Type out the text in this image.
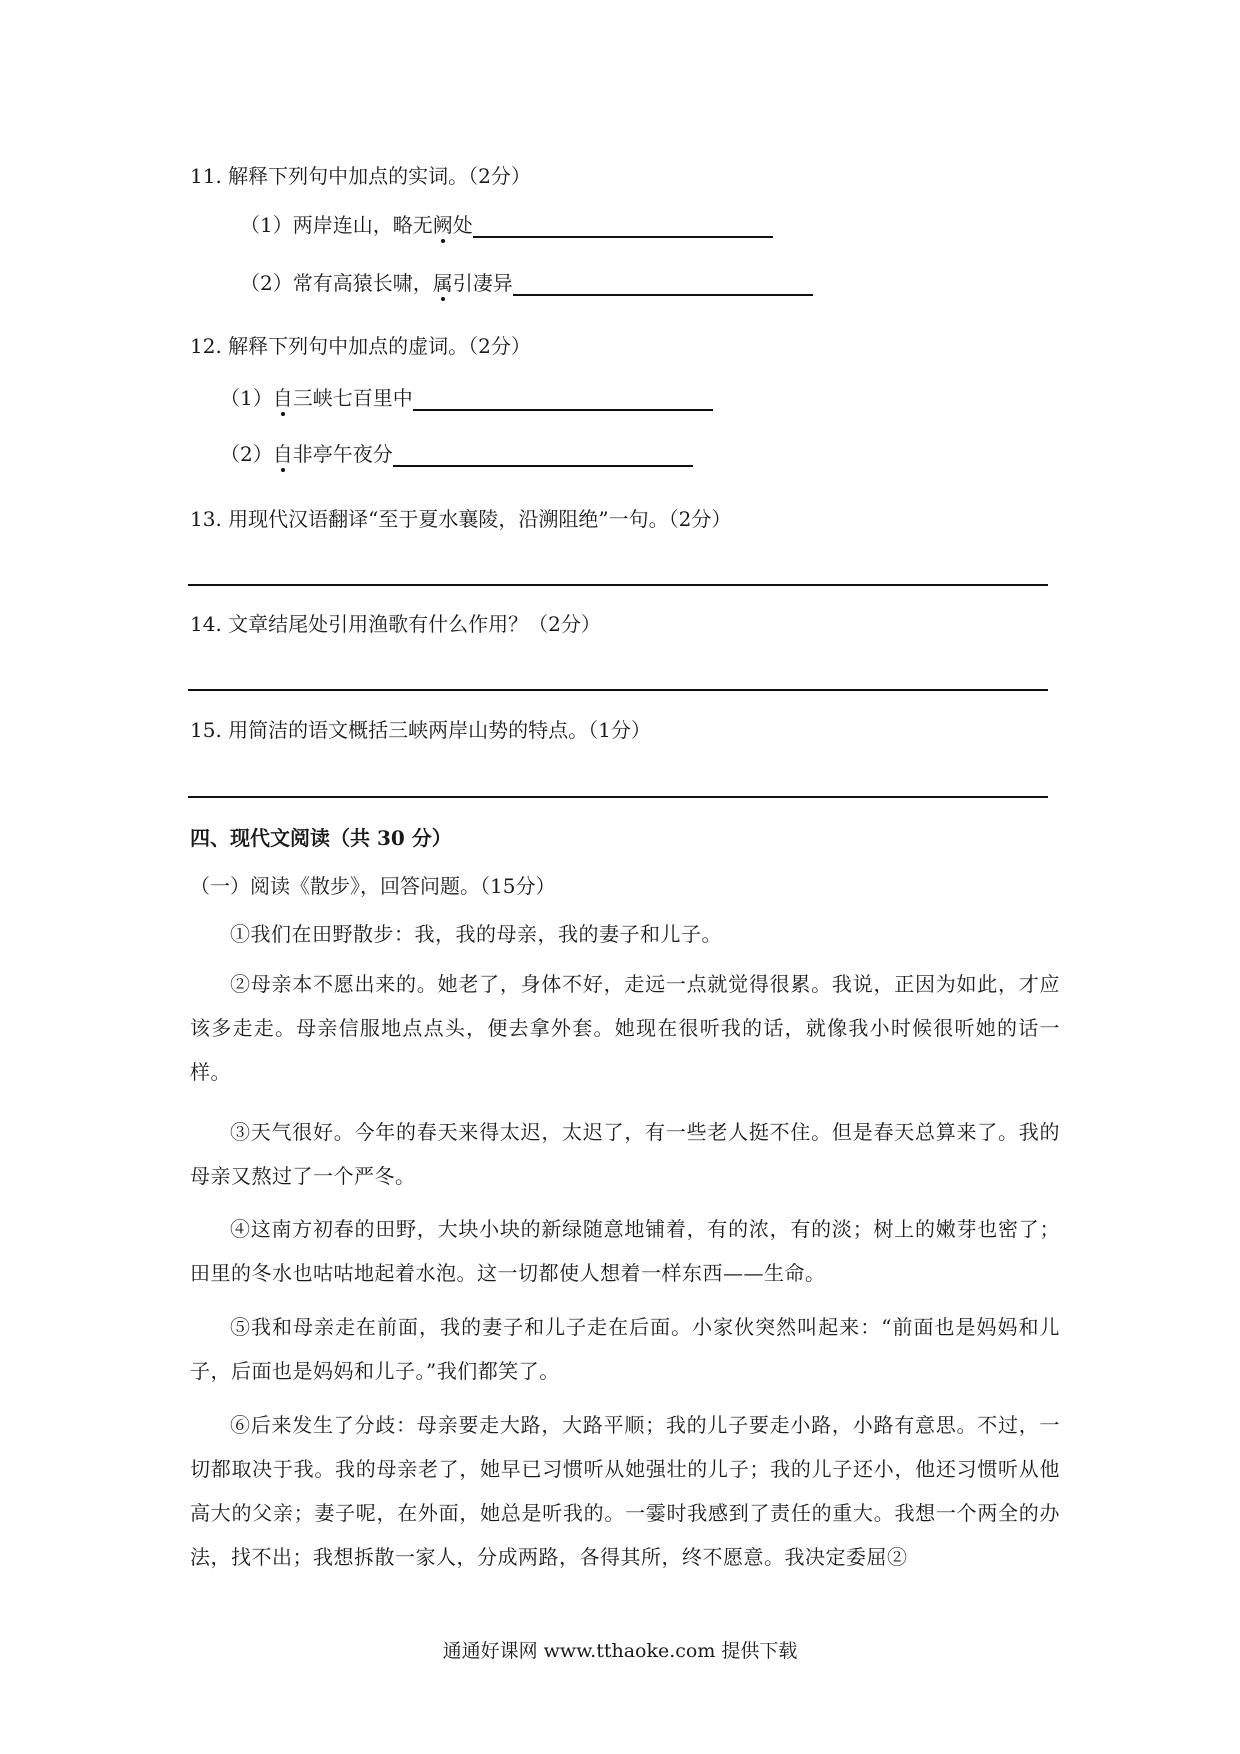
11. 解释下列句中加点的实词。（2分）
（1）两岸连山，略无阙处
（2）常有高猿长啸，属引凄异
12. 解释下列句中加点的虚词。（2分）
（1）自三峡七百里中
（2）自非亭午夜分
13. 用现代汉语翻译“至于夏水襄陵，沿溯阻绝”一句。（2分）
14. 文章结尾处引用渔歌有什么作用？（2分）
15. 用简洁的语文概括三峡两岸山势的特点。（1分）
四、现代文阅读（共 30 分）
（一）阅读《散步》，回答问题。（15分）
①我们在田野散步：我，我的母亲，我的妻子和儿子。
②母亲本不愿出来的。她老了，身体不好，走远一点就觉得很累。我说，正因为如此，才应该多走走。母亲信服地点点头，便去拿外套。她现在很听我的话，就像我小时候很听她的话一样。
③天气很好。今年的春天来得太迟，太迟了，有一些老人挺不住。但是春天总算来了。我的母亲又熬过了一个严冬。
④这南方初春的田野，大块小块的新绿随意地铺着，有的浓，有的淡；树上的嫩芽也密了；田里的冬水也咕咕地起着水泡。这一切都使人想着一样东西——生命。
⑤我和母亲走在前面，我的妻子和儿子走在后面。小家伙突然叫起来：“前面也是妈妈和儿子，后面也是妈妈和儿子。”我们都笑了。
⑥后来发生了分歧：母亲要走大路，大路平顺；我的儿子要走小路，小路有意思。不过，一切都取决于我。我的母亲老了，她早已习惯听从她强壮的儿子；我的儿子还小，他还习惯听从他高大的父亲；妻子呢，在外面，她总是听我的。一霎时我感到了责任的重大。我想一个两全的办法，找不出；我想拆散一家人，分成两路，各得其所，终不愿意。我决定委屈②
通通好课网 www.tthaoke.com 提供下载
